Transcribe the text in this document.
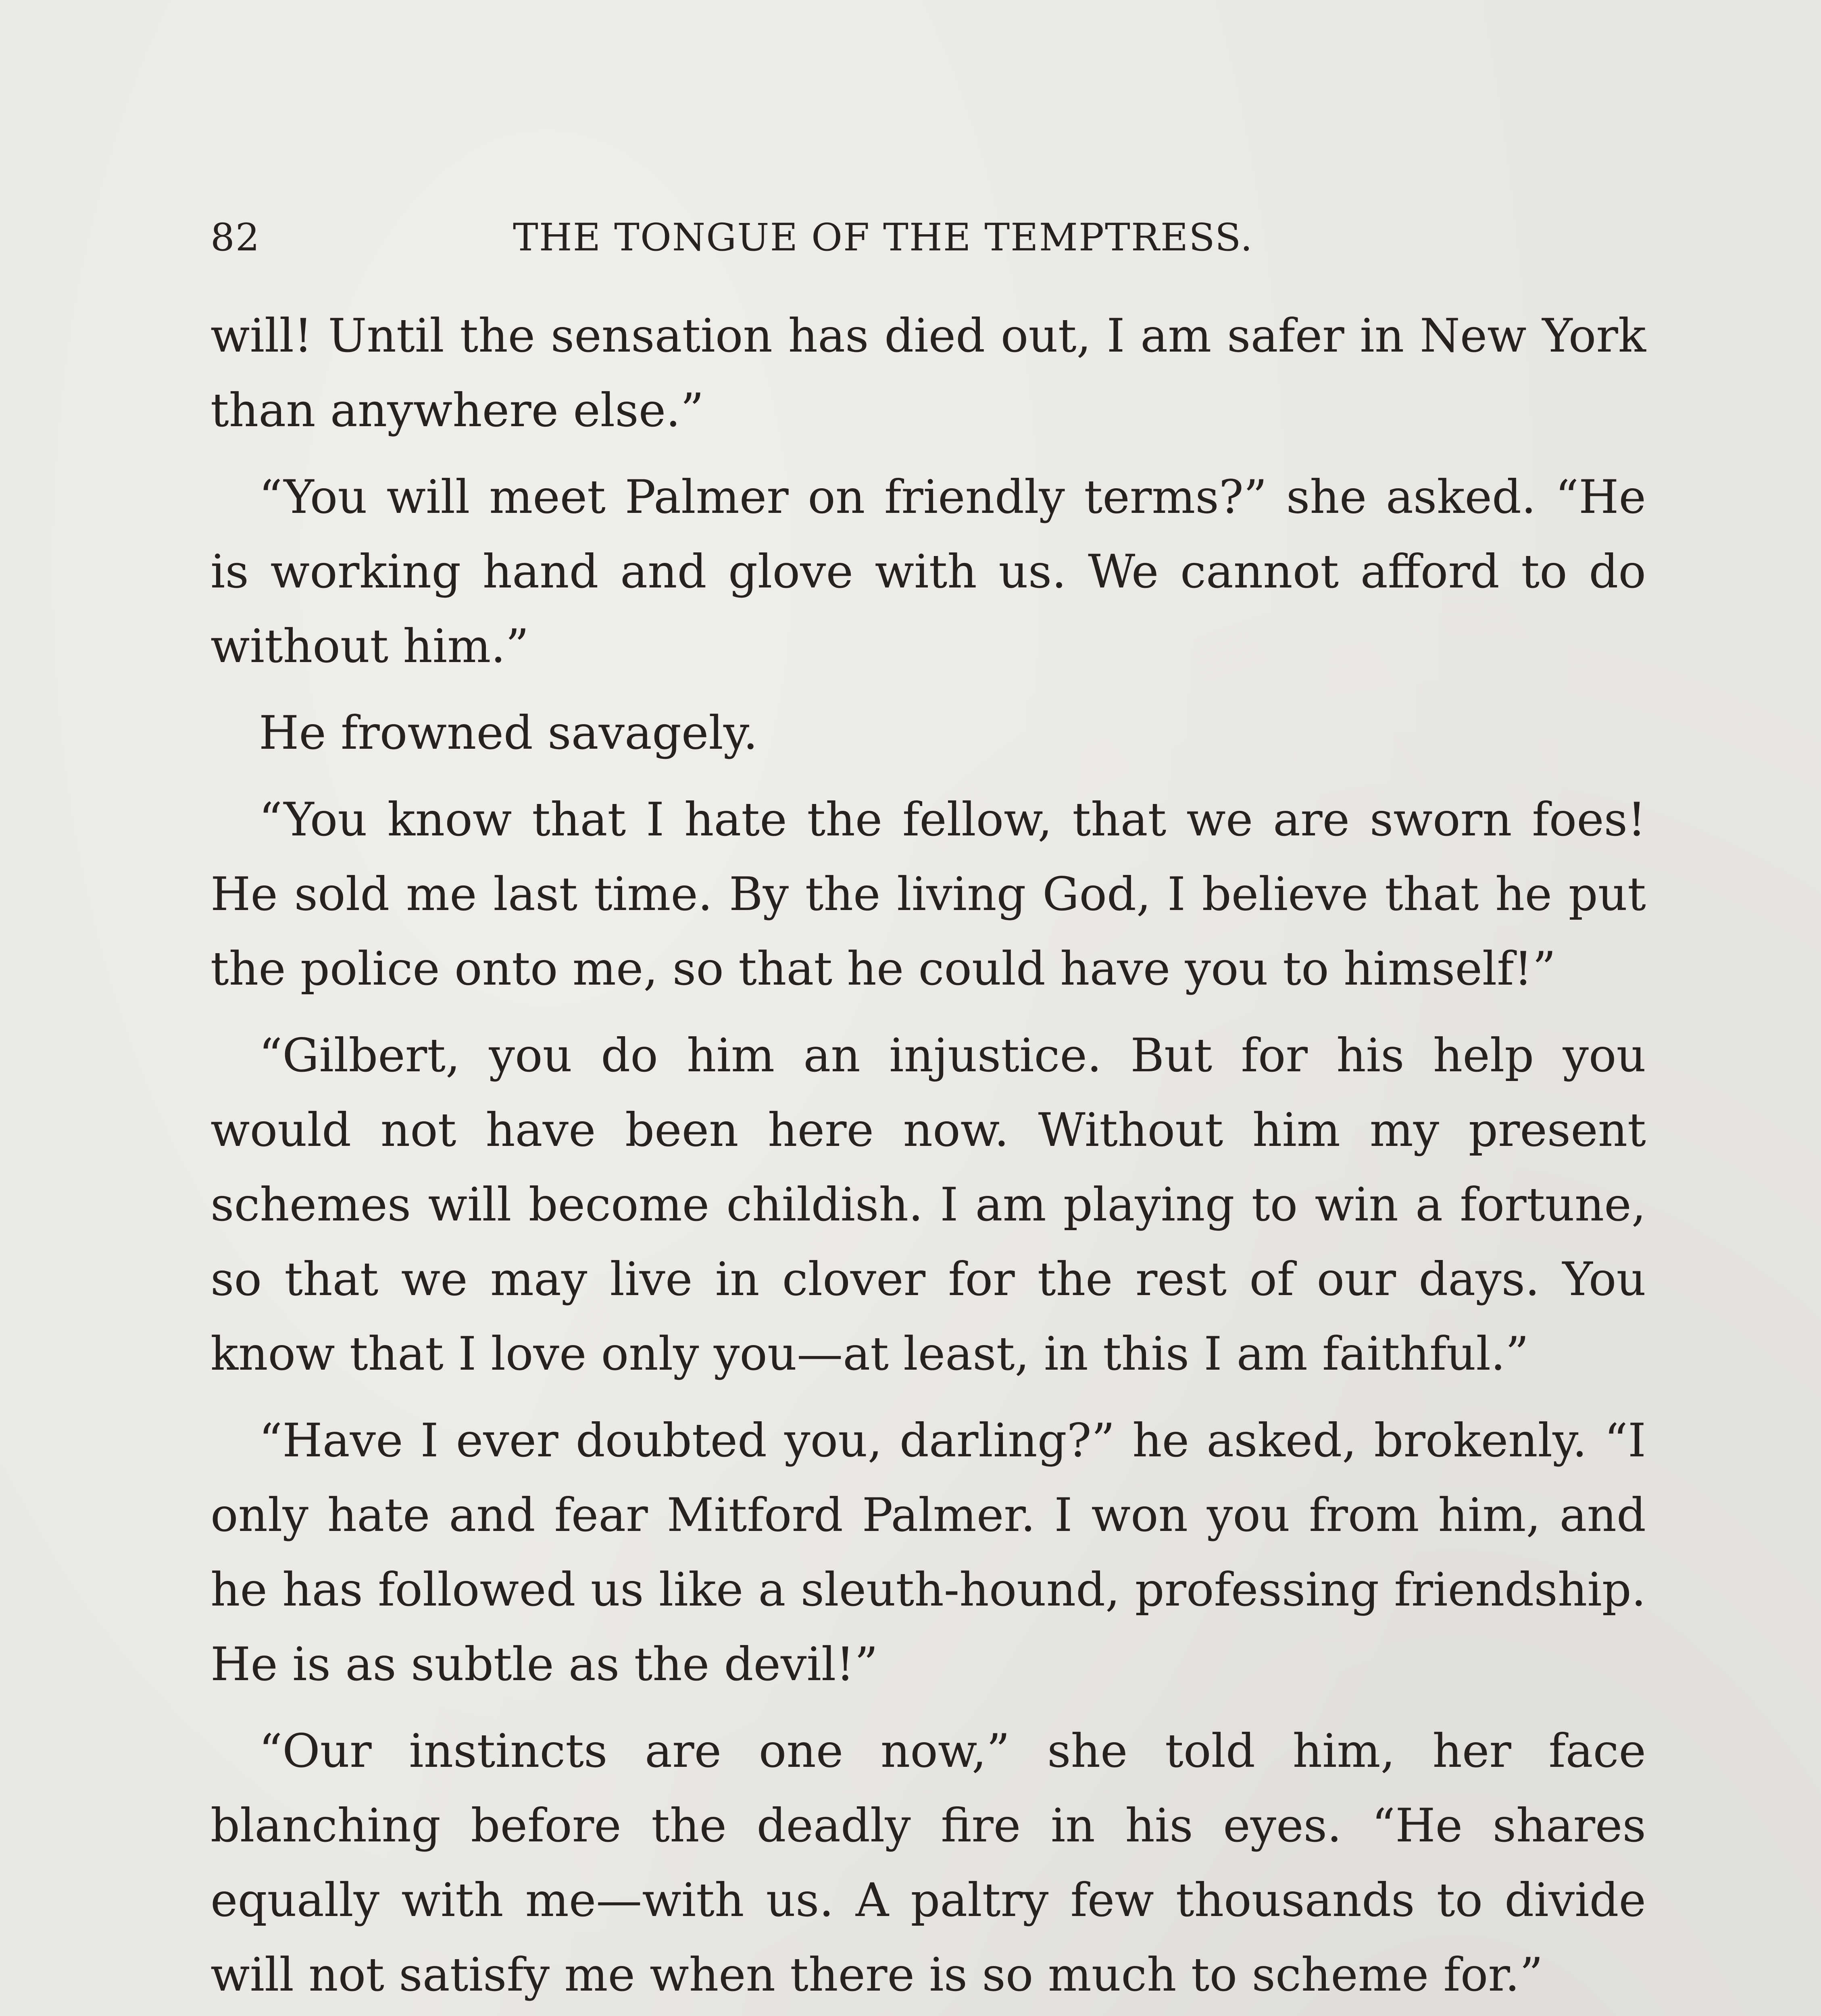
82	THE TONGUE OF THE TEMPTRESS.

will! Until the sensation has died out, I am safer in New York than anywhere else.”

“You will meet Palmer on friendly terms?” she asked. “He is working hand and glove with us. We cannot afford to do without him.”

He frowned savagely.

“You know that I hate the fellow, that we are sworn foes! He sold me last time. By the living God, I believe that he put the police onto me, so that he could have you to himself!”

“Gilbert, you do him an injustice. But for his help you would not have been here now. Without him my present schemes will become childish. I am playing to win a fortune, so that we may live in clover for the rest of our days. You know that I love only you—at least, in this I am faithful.”

“Have I ever doubted you, darling?” he asked, brokenly. “I only hate and fear Mitford Palmer. I won you from him, and he has followed us like a sleuth-hound, professing friendship. He is as subtle as the devil!”

“Our instincts are one now,” she told him, her face blanching before the deadly fire in his eyes. “He shares equally with me—with us. A paltry few thousands to divide will not satisfy me when there is so much to scheme for.”
